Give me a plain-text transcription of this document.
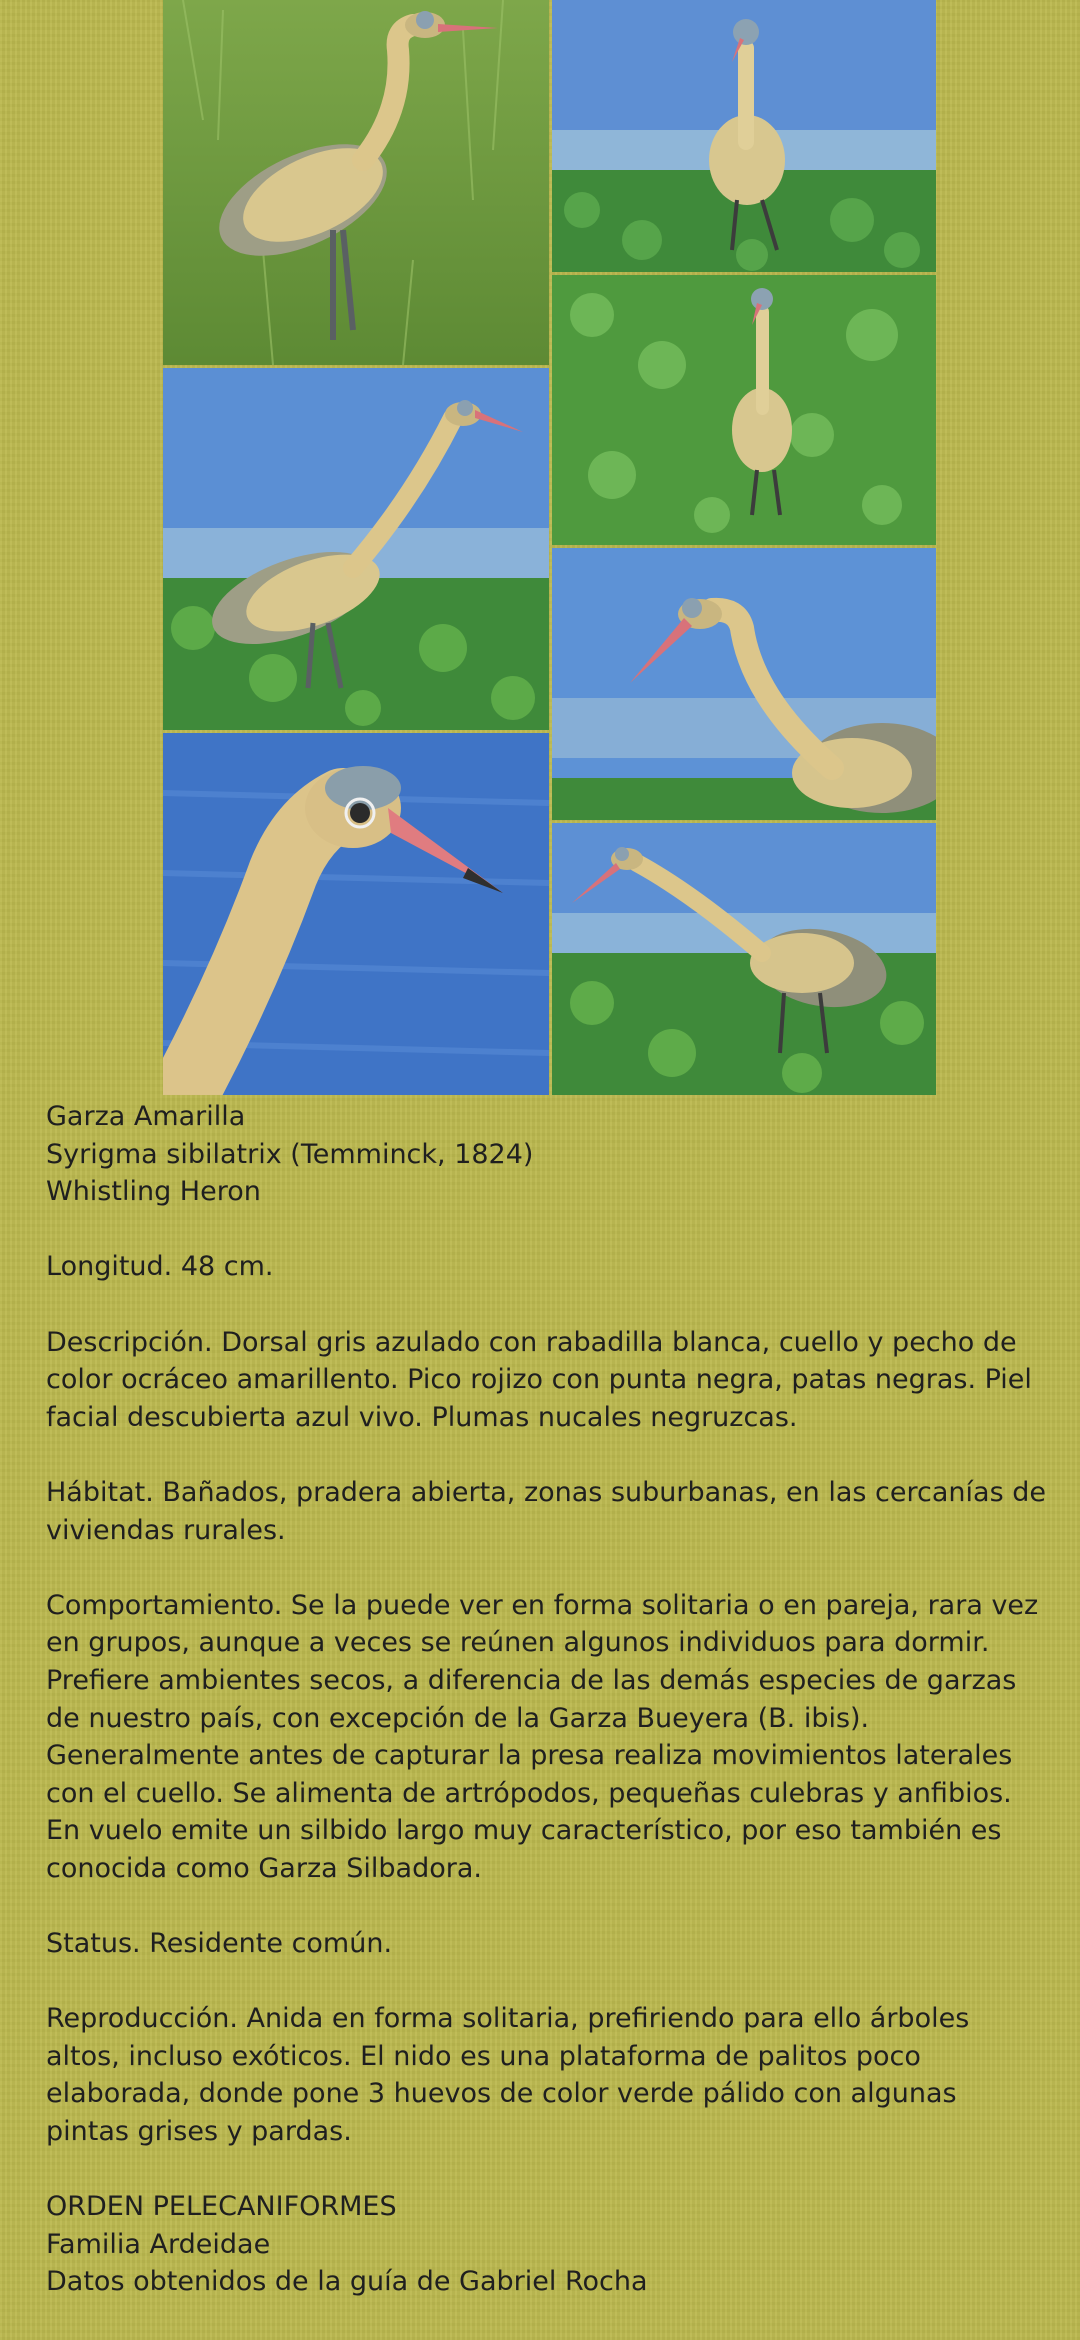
Garza Amarilla

Syrigma sibilatrix (Temminck, 1824)

Whistling Heron

Longitud. 48 cm.

Descripción. Dorsal gris azulado con rabadilla blanca, cuello y pecho de color ocráceo amarillento. Pico rojizo con punta negra, patas negras. Piel facial descubierta azul vivo. Plumas nucales negruzcas.

Hábitat. Bañados, pradera abierta, zonas suburbanas, en las cercanías de viviendas rurales.

Comportamiento. Se la puede ver en forma solitaria o en pareja, rara vez en grupos, aunque a veces se reúnen algunos individuos para dormir. Prefiere ambientes secos, a diferencia de las demás especies de garzas de nuestro país, con excepción de la Garza Bueyera (B. ibis). Generalmente antes de capturar la presa realiza movimientos laterales con el cuello. Se alimenta de artrópodos, pequeñas culebras y anfibios. En vuelo emite un silbido largo muy característico, por eso también es conocida como Garza Silbadora.

Status. Residente común.

Reproducción. Anida en forma solitaria, prefiriendo para ello árboles altos, incluso exóticos. El nido es una plataforma de palitos poco elaborada, donde pone 3 huevos de color verde pálido con algunas pintas grises y pardas.

ORDEN PELECANIFORMES

Familia Ardeidae

Datos obtenidos de la guía de Gabriel Rocha
